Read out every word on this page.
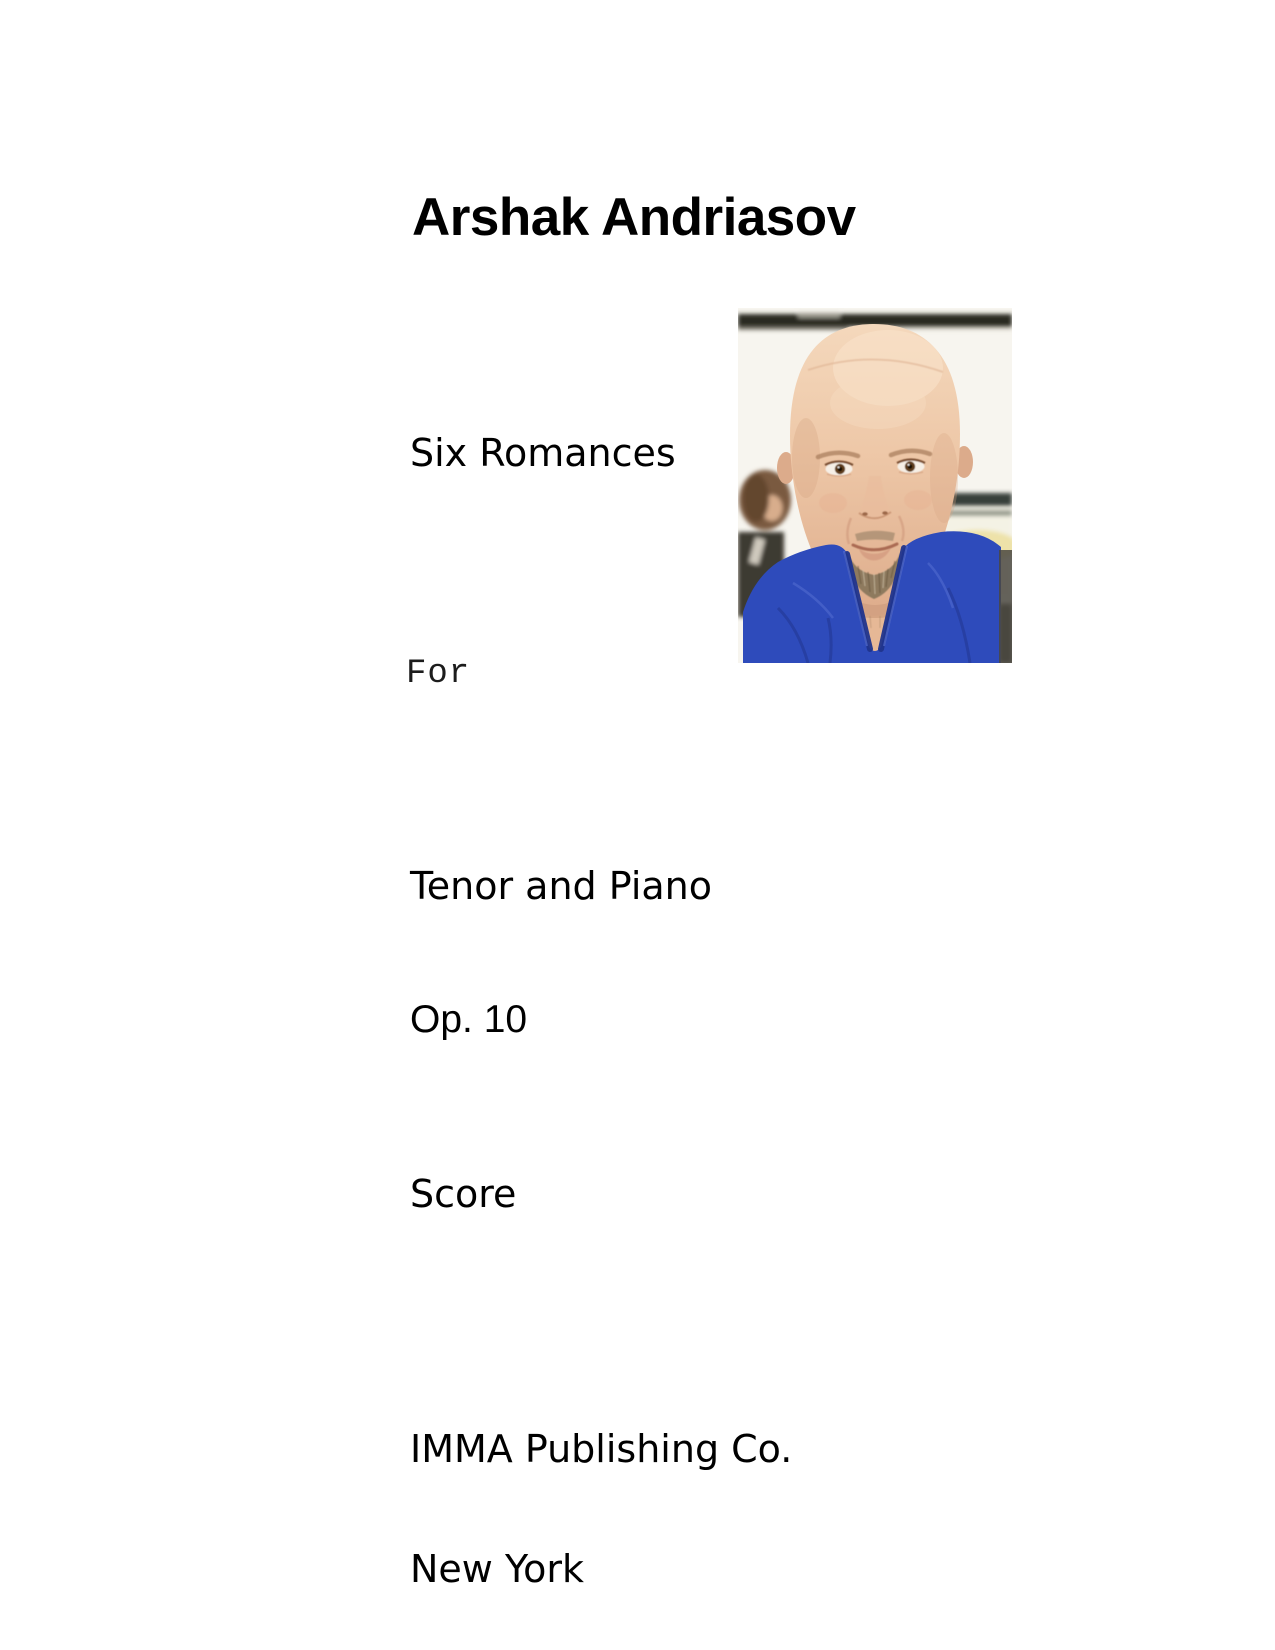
Arshak Andriasov
Six Romances
For
Tenor and Piano
Op. 10
Score

IMMA Publishing Co.

New York
